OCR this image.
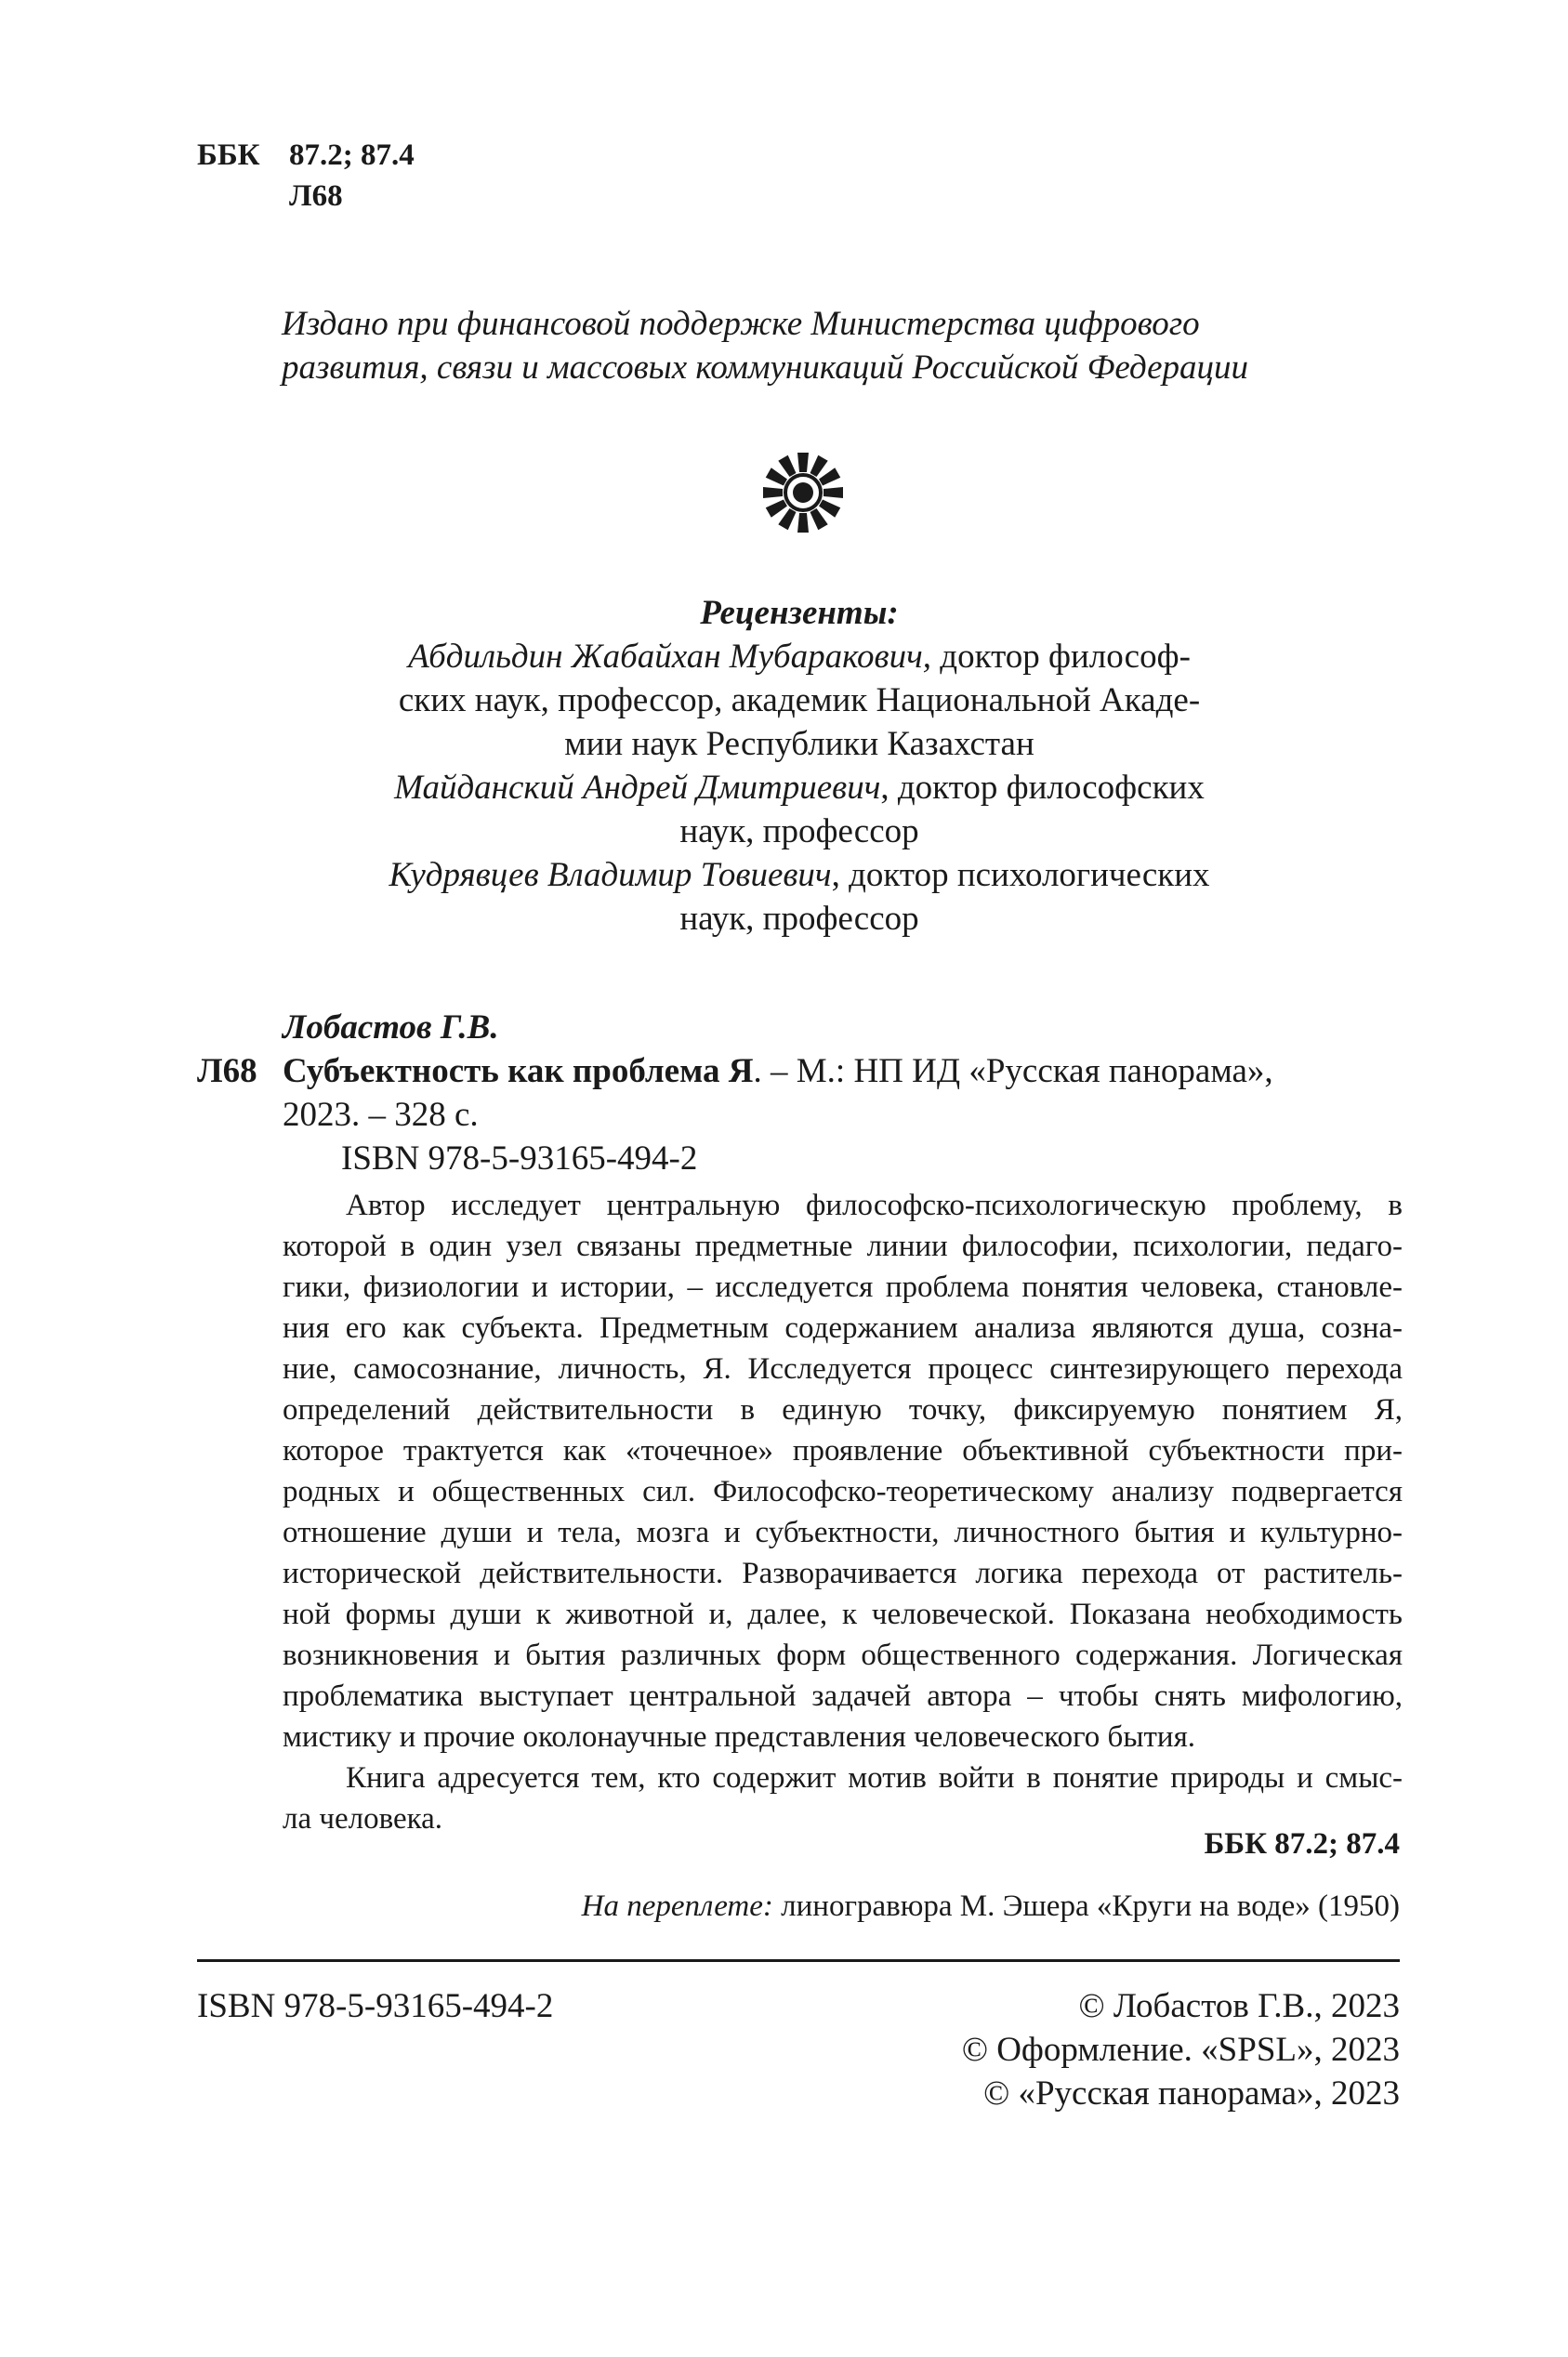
ББК 87.2; 87.4
Л68
Издано при финансовой поддержке Министерства цифрового
развития, связи и массовых коммуникаций Российской Федерации
Рецензенты:
Абдильдин Жабайхан Мубаракович, доктор философ-
ских наук, профессор, академик Национальной Акаде-
мии наук Республики Казахстан
Майданский Андрей Дмитриевич, доктор философских
наук, профессор
Кудрявцев Владимир Товиевич, доктор психологических
наук, профессор
Лобастов Г.В.
Л68 Субъектность как проблема Я. – М.: НП ИД «Русская панорама»,
2023. – 328 с.
ISBN 978-5-93165-494-2
Автор исследует центральную философско-психологическую проблему, в
которой в один узел связаны предметные линии философии, психологии, педаго-
гики, физиологии и истории, – исследуется проблема понятия человека, становле-
ния его как субъекта. Предметным содержанием анализа являются душа, созна-
ние, самосознание, личность, Я. Исследуется процесс синтезирующего перехода
определений действительности в единую точку, фиксируемую понятием Я,
которое трактуется как «точечное» проявление объективной субъектности при-
родных и общественных сил. Философско-теоретическому анализу подвергается
отношение души и тела, мозга и субъектности, личностного бытия и культурно-
исторической действительности. Разворачивается логика перехода от раститель-
ной формы души к животной и, далее, к человеческой. Показана необходимость
возникновения и бытия различных форм общественного содержания. Логическая
проблематика выступает центральной задачей автора – чтобы снять мифологию,
мистику и прочие околонаучные представления человеческого бытия.
Книга адресуется тем, кто содержит мотив войти в понятие природы и смыс-
ла человека.
ББК 87.2; 87.4
На переплете: линогравюра М. Эшера «Круги на воде» (1950)
ISBN 978-5-93165-494-2	© Лобастов Г.В., 2023
© Оформление. «SPSL», 2023
© «Русская панорама», 2023
